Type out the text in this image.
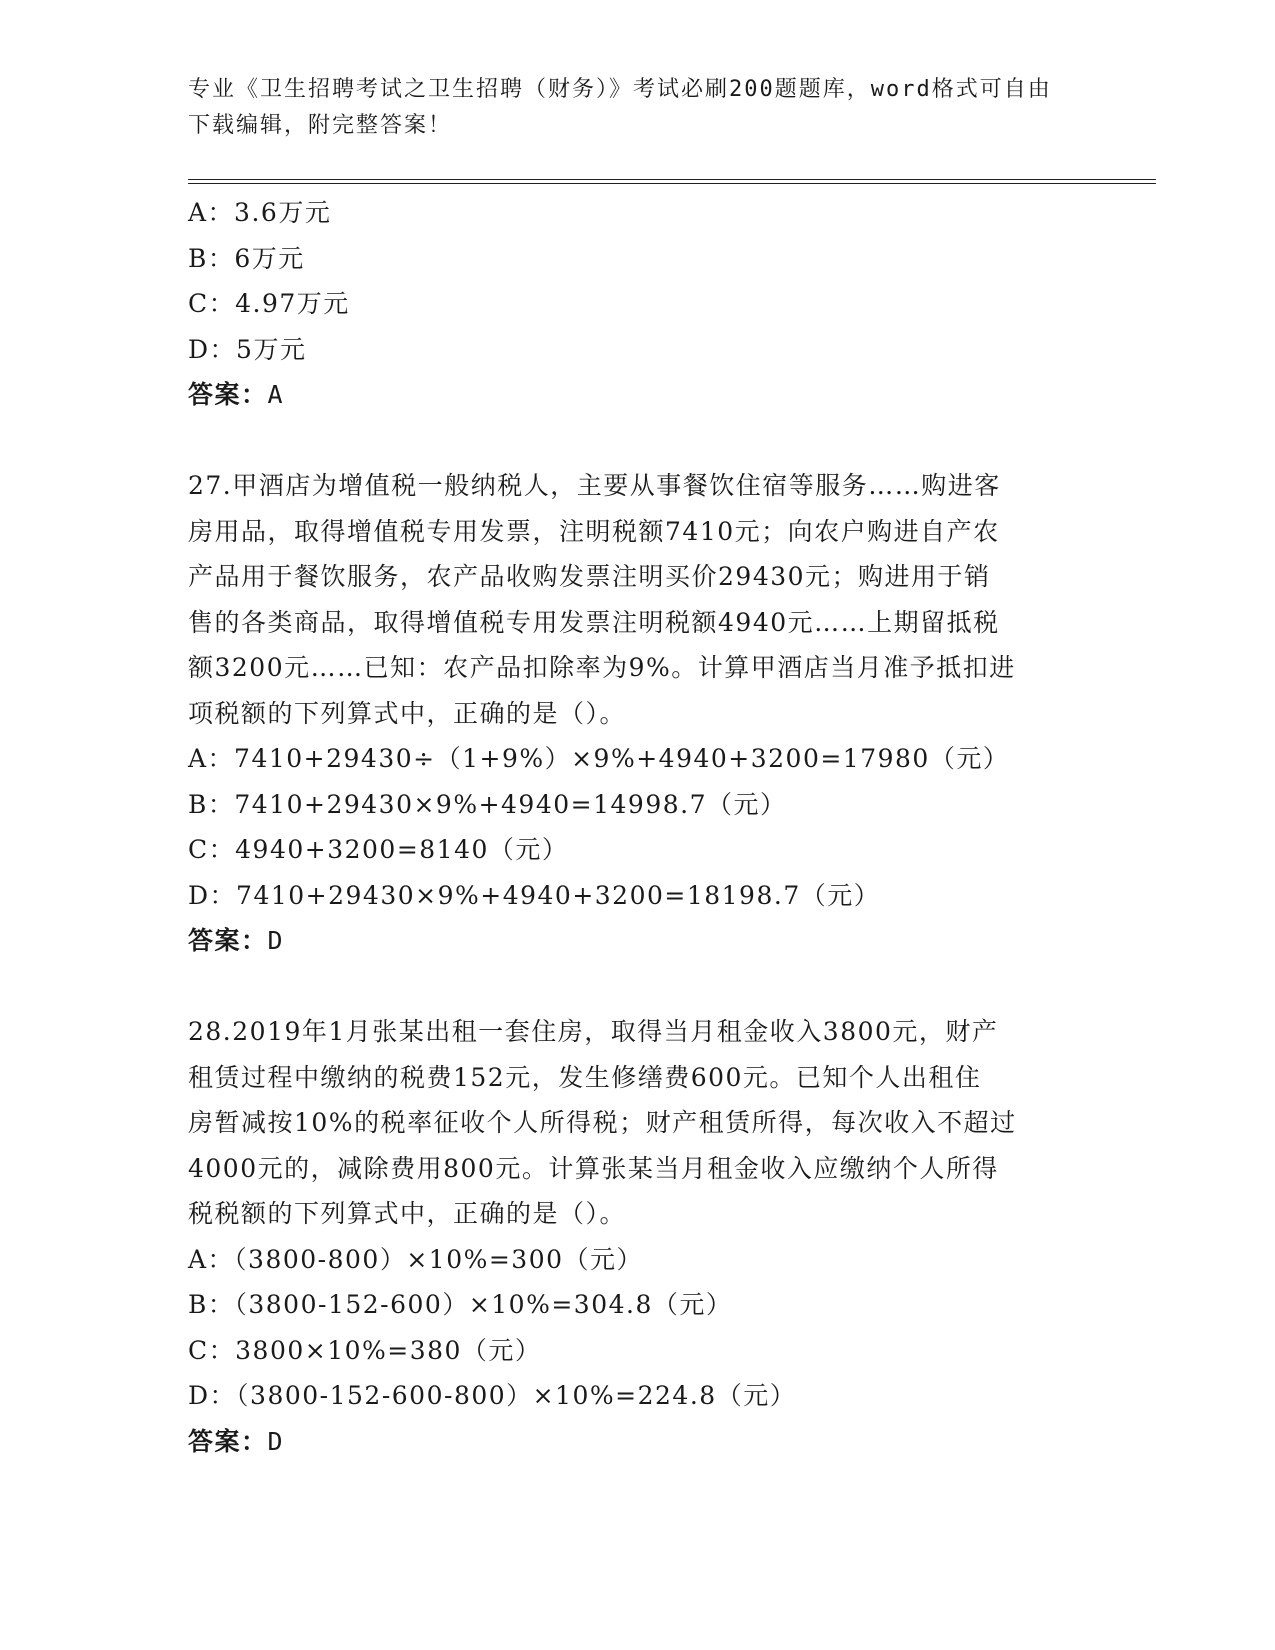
专业《卫生招聘考试之卫生招聘（财务）》考试必刷200题题库，word格式可自由下载编辑，附完整答案！
A：3.6万元
B：6万元
C：4.97万元
D：5万元
答案：A
27.甲酒店为增值税一般纳税人，主要从事餐饮住宿等服务……购进客
房用品，取得增值税专用发票，注明税额7410元；向农户购进自产农
产品用于餐饮服务，农产品收购发票注明买价29430元；购进用于销
售的各类商品，取得增值税专用发票注明税额4940元……上期留抵税
额3200元……已知：农产品扣除率为9%。计算甲酒店当月准予抵扣进
项税额的下列算式中，正确的是（）。
A：7410+29430÷（1+9%）×9%+4940+3200=17980（元）
B：7410+29430×9%+4940=14998.7（元）
C：4940+3200=8140（元）
D：7410+29430×9%+4940+3200=18198.7（元）
答案：D
28.2019年1月张某出租一套住房，取得当月租金收入3800元，财产
租赁过程中缴纳的税费152元，发生修缮费600元。已知个人出租住
房暂减按10%的税率征收个人所得税；财产租赁所得，每次收入不超过
4000元的，减除费用800元。计算张某当月租金收入应缴纳个人所得
税税额的下列算式中，正确的是（）。
A：（3800-800）×10%=300（元）
B：（3800-152-600）×10%=304.8（元）
C：3800×10%=380（元）
D：（3800-152-600-800）×10%=224.8（元）
答案：D
